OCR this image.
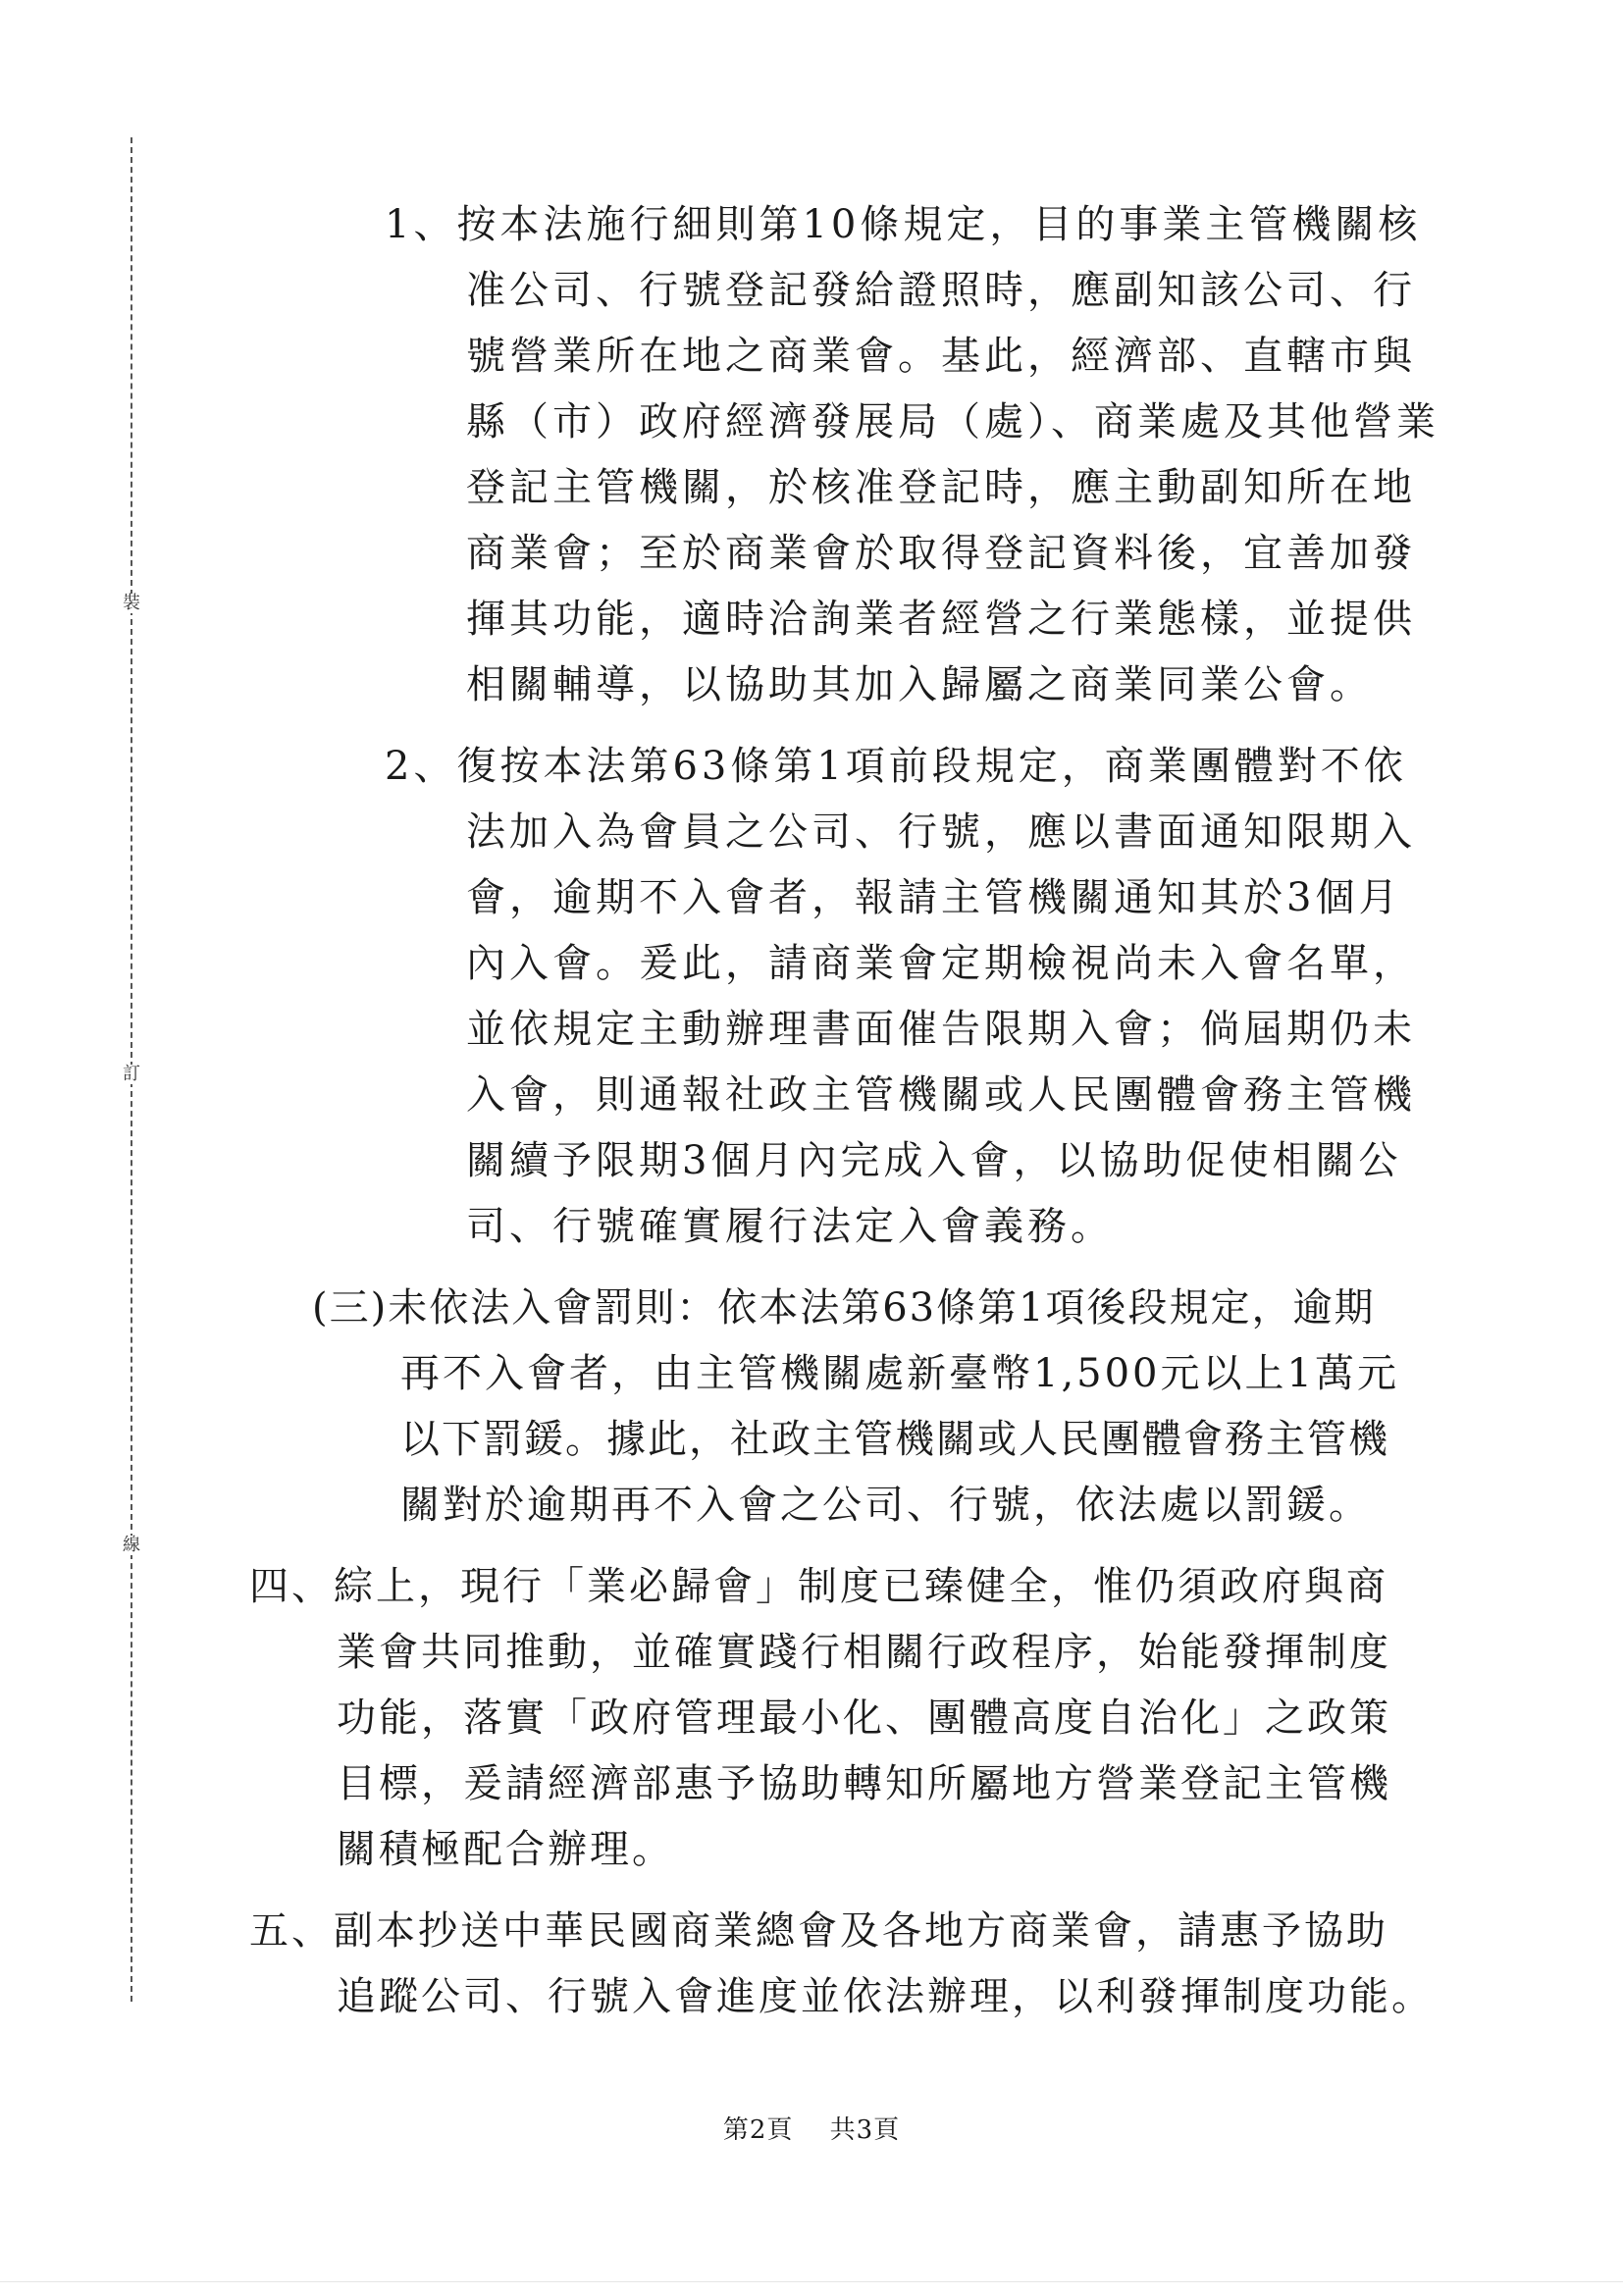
裝
訂
線
1、按本法施行細則第10條規定，目的事業主管機關核
准公司、行號登記發給證照時，應副知該公司、行
號營業所在地之商業會。基此，經濟部、直轄市與
縣（市）政府經濟發展局（處）、商業處及其他營業
登記主管機關，於核准登記時，應主動副知所在地
商業會；至於商業會於取得登記資料後，宜善加發
揮其功能，適時洽詢業者經營之行業態樣，並提供
相關輔導，以協助其加入歸屬之商業同業公會。
2、復按本法第63條第1項前段規定，商業團體對不依
法加入為會員之公司、行號，應以書面通知限期入
會，逾期不入會者，報請主管機關通知其於3個月
內入會。爰此，請商業會定期檢視尚未入會名單，
並依規定主動辦理書面催告限期入會；倘屆期仍未
入會，則通報社政主管機關或人民團體會務主管機
關續予限期3個月內完成入會，以協助促使相關公
司、行號確實履行法定入會義務。
(三)未依法入會罰則：依本法第63條第1項後段規定，逾期
再不入會者，由主管機關處新臺幣1,500元以上1萬元
以下罰鍰。據此，社政主管機關或人民團體會務主管機
關對於逾期再不入會之公司、行號，依法處以罰鍰。
四、綜上，現行「業必歸會」制度已臻健全，惟仍須政府與商
業會共同推動，並確實踐行相關行政程序，始能發揮制度
功能，落實「政府管理最小化、團體高度自治化」之政策
目標，爰請經濟部惠予協助轉知所屬地方營業登記主管機
關積極配合辦理。
五、副本抄送中華民國商業總會及各地方商業會，請惠予協助
追蹤公司、行號入會進度並依法辦理，以利發揮制度功能。
第2頁 共3頁
